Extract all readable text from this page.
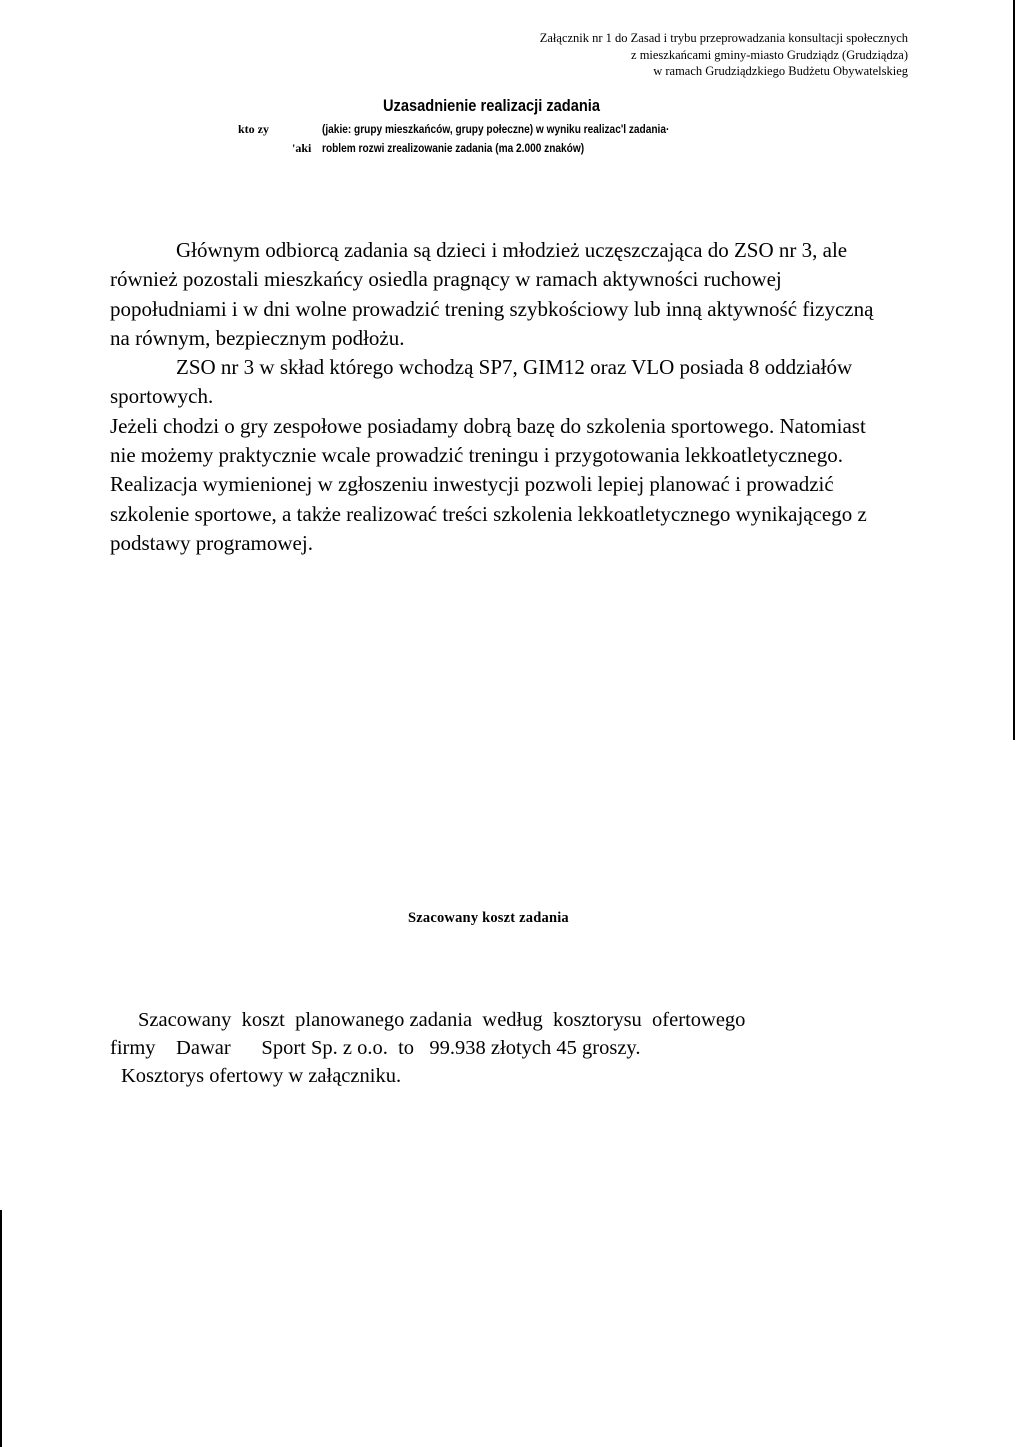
Załącznik nr 1 do Zasad i trybu przeprowadzania konsultacji społecznych
z mieszkańcami gminy-miasto Grudziądz (Grudziądza)
w ramach Grudziądzkiego Budżetu Obywatelskieg
Uzasadnienie realizacji zadania
kto zy
'aki
(jakie: grupy mieszkańców, grupy połeczne) w wyniku realizac'l zadania·
roblem rozwi zrealizowanie zadania (ma 2.000 znaków)

Głównym odbiorcą zadania są dzieci i młodzież uczęszczająca do ZSO nr 3, ale również pozostali mieszkańcy osiedla pragnący w ramach aktywności ruchowej popołudniami i w dni wolne prowadzić trening szybkościowy lub inną aktywność fizyczną na równym, bezpiecznym podłożu.

ZSO nr 3 w skład którego wchodzą SP7, GIM12 oraz VLO posiada 8 oddziałów sportowych.

Jeżeli chodzi o gry zespołowe posiadamy dobrą bazę do szkolenia sportowego. Natomiast nie możemy praktycznie wcale prowadzić treningu i przygotowania lekkoatletycznego. Realizacja wymienionej w zgłoszeniu inwestycji pozwoli lepiej planować i prowadzić szkolenie sportowe, a także realizować treści szkolenia lekkoatletycznego wynikającego z podstawy programowej.

Szacowany koszt zadania
Szacowany  koszt  planowanego zadania  według  kosztorysu  ofertowego
firmy    Dawar      Sport Sp. z o.o.  to   99.938 złotych 45 groszy.
Kosztorys ofertowy w załączniku.
